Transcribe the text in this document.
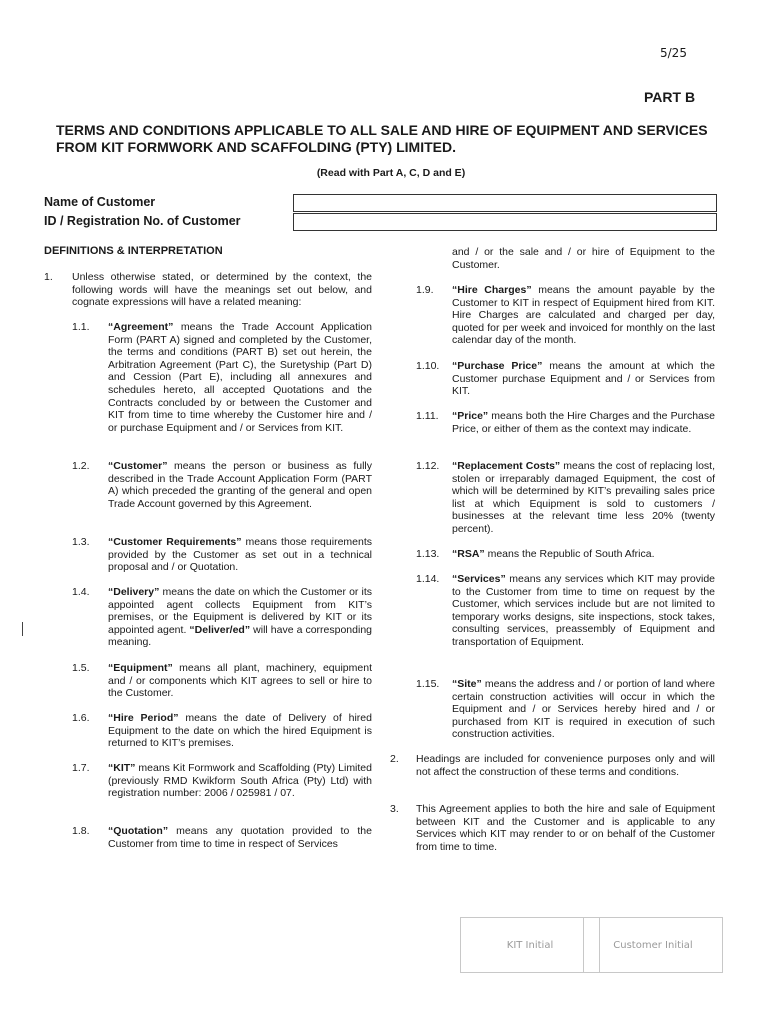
5/25
PART B
TERMS AND CONDITIONS APPLICABLE TO ALL SALE AND HIRE OF EQUIPMENT AND SERVICES FROM KIT FORMWORK AND SCAFFOLDING (PTY) LIMITED.
(Read with Part A, C, D and E)
Name of Customer
ID / Registration No. of Customer
DEFINITIONS & INTERPRETATION
1. Unless otherwise stated, or determined by the context, the following words will have the meanings set out below, and cognate expressions will have a related meaning:
1.1. “Agreement” means the Trade Account Application Form (PART A) signed and completed by the Customer, the terms and conditions (PART B) set out herein, the Arbitration Agreement (Part C), the Suretyship (Part D) and Cession (Part E), including all annexures and schedules hereto, all accepted Quotations and the Contracts concluded by or between the Customer and KIT from time to time whereby the Customer hire and / or purchase Equipment and / or Services from KIT.
1.2. “Customer” means the person or business as fully described in the Trade Account Application Form (PART A) which preceded the granting of the general and open Trade Account governed by this Agreement.
1.3. “Customer Requirements” means those requirements provided by the Customer as set out in a technical proposal and / or Quotation.
1.4. “Delivery” means the date on which the Customer or its appointed agent collects Equipment from KIT’s premises, or the Equipment is delivered by KIT or its appointed agent. “Deliver/ed” will have a corresponding meaning.
1.5. “Equipment” means all plant, machinery, equipment and / or components which KIT agrees to sell or hire to the Customer.
1.6. “Hire Period” means the date of Delivery of hired Equipment to the date on which the hired Equipment is returned to KIT’s premises.
1.7. “KIT” means Kit Formwork and Scaffolding (Pty) Limited (previously RMD Kwikform South Africa (Pty) Ltd) with registration number: 2006 / 025981 / 07.
1.8. “Quotation” means any quotation provided to the Customer from time to time in respect of Services
and / or the sale and / or hire of Equipment to the Customer.
1.9. “Hire Charges” means the amount payable by the Customer to KIT in respect of Equipment hired from KIT. Hire Charges are calculated and charged per day, quoted for per week and invoiced for monthly on the last calendar day of the month.
1.10. “Purchase Price” means the amount at which the Customer purchase Equipment and / or Services from KIT.
1.11. “Price” means both the Hire Charges and the Purchase Price, or either of them as the context may indicate.
1.12. “Replacement Costs” means the cost of replacing lost, stolen or irreparably damaged Equipment, the cost of which will be determined by KIT’s prevailing sales price list at which Equipment is sold to customers / businesses at the relevant time less 20% (twenty percent).
1.13. “RSA” means the Republic of South Africa.
1.14. “Services” means any services which KIT may provide to the Customer from time to time on request by the Customer, which services include but are not limited to temporary works designs, site inspections, stock takes, consulting services, preassembly of Equipment and transportation of Equipment.
1.15. “Site” means the address and / or portion of land where certain construction activities will occur in which the Equipment and / or Services hereby hired and / or purchased from KIT is required in execution of such construction activities.
2. Headings are included for convenience purposes only and will not affect the construction of these terms and conditions.
3. This Agreement applies to both the hire and sale of Equipment between KIT and the Customer and is applicable to any Services which KIT may render to or on behalf of the Customer from time to time.
KIT Initial	Customer Initial
